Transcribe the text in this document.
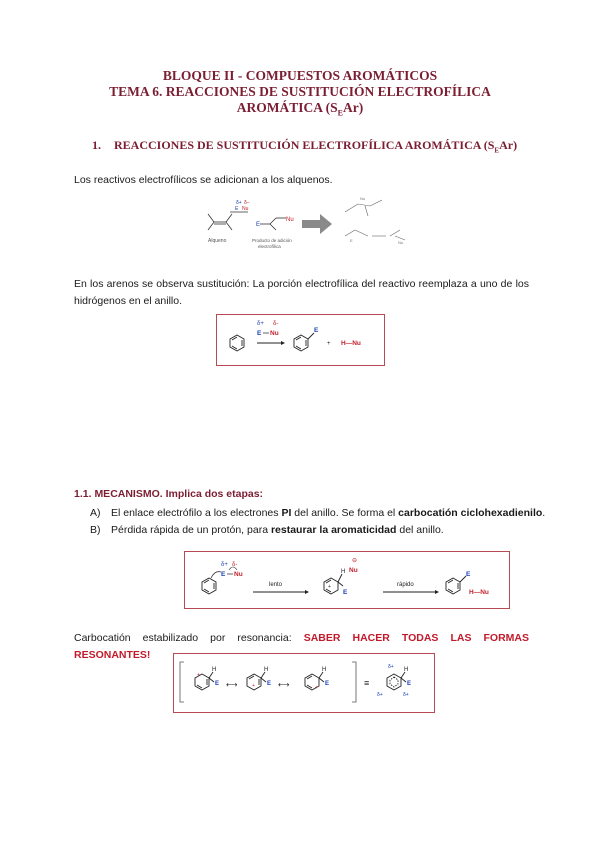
BLOQUE II - COMPUESTOS AROMÁTICOS
TEMA 6. REACCIONES DE SUSTITUCIÓN ELECTROFÍLICA
AROMÁTICA $(S_EAr)$
1. REACCIONES DE SUSTITUCIÓN ELECTROFÍLICA AROMÁTICA $(S_EAr)$
Los reactivos electrofílicos se adicionan a los alquenos.
δ+ δ−
E Nu
E
Nu
Alqueno	Producto de adición
electrofílica
Nu
E	Nu
En los arenos se observa sustitución: La porción electrofílica del reactivo reemplaza a uno de los hidrógenos en el anillo.
δ+ δ-
E Nu	E
+ H—Nu
1.1. MECANISMO. Implica dos etapas:
A) El enlace electrófilo a los electrones PI del anillo. Se forma el carbocatión ciclohexadienilo.
B) Pérdida rápida de un protón, para restaurar la aromaticidad del anillo.
δ+ δ-
E Nu
lento	+
H
E
⊖
Nu
rápido
E
H—Nu
Carbocatión estabilizado por resonancia: SABER HACER TODAS LAS FORMAS RESONANTES!
+
H
E ⟷	+
H
E ⟷	+
H
E	≡
H
E
δ+
δ+	δ+
